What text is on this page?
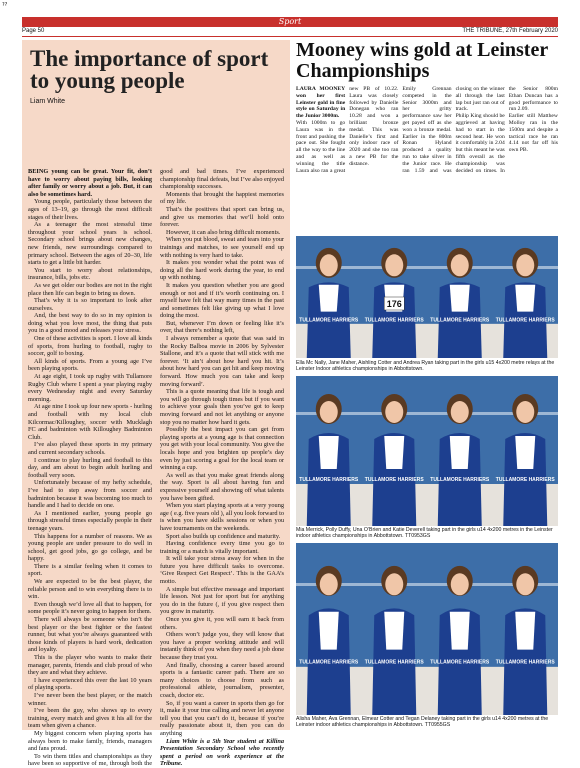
??
Sport
Page 50	THE TRIBUNE, 27th February 2020
The importance of sport to young people
Liam White

BEING young can be great. Your fit, don’t have to worry about paying bills, looking after family or worry about a job. But, it can also be sometimes hard.

Young people, particularly those between the ages of 13–19, go through the most difficult stages of their lives.

As a teenager the most stressful time throughout your school years is school. Secondary school brings about new changes, new friends, new surroundings compared to primary school. Between the ages of 20–30, life starts to get a little bit harder.

You start to worry about relationships, insurance, bills, jobs etc.

As we get older our bodies are not in the right place then life can begin to bring us down.

That’s why it is so important to look after ourselves.

And, the best way to do so in my opinion is doing what you love most, the thing that puts you in a good mood and releases your stress.

One of these activities is sport. I love all kinds of sports, from hurling to football, rugby to soccer, golf to boxing.

All kinds of sports. From a young age I’ve been playing sports.

At age eight, I took up rugby with Tullamore Rugby Club where I spent a year playing rugby every Wednesday night and every Saturday morning.

At age nine I took up four new sports - hurling and football with my local club Kilcormac/Killoughey, soccer with Mucklagh FC and badminton with Killoughey Badminton Club.

I’ve also played these sports in my primary and current secondary schools.

I continue to play hurling and football to this day, and am about to begin adult hurling and football very soon.

Unfortunately because of my hefty schedule, I’ve had to step away from soccer and badminton because it was becoming too much to handle and I had to decide on one.

As I mentioned earlier, young people go through stressful times especially people in their teenage years.

This happens for a number of reasons. We as young people are under pressure to do well in school, get good jobs, go go college, and be happy.

There is a similar feeling when it comes to sport.

We are expected to be the best player, the reliable person and to win everything there is to win.

Even though we’d love all that to happen, for some people it’s never going to happen for them.

There will always be someone who isn’t the best player or the best fighter or the fastest runner, but what you’re always guaranteed with those kinds of players is hard work, dedication and loyalty.

This is the player who wants to make their manager, parents, friends and club proud of who they are and what they achieve.

I have experienced this over the last 10 years of playing sports.

I’ve never been the best player, or the match winner.

I’ve been the guy, who shows up to every training, every match and gives it his all for the team when given a chance.

My biggest concern when playing sports has always been to make family, friends, managers and fans proud.

To win them titles and championships as they have been so supportive of me, through both the good and bad times. I’ve experienced championship final defeats, but I’ve also enjoyed championship successes.

Moments that brought the happiest memories of my life.

That’s the positives that sport can bring us, and give us memories that we’ll hold onto forever.

However, it can also bring difficult moments.

When you put blood, sweat and tears into your trainings and matches, to see yourself end up with nothing is very hard to take.

It makes you wonder what the point was of doing all the hard work during the year, to end up with nothing.

It makes you question whether you are good enough or not and if it’s worth continuing on. I myself have felt that way many times in the past and sometimes felt like giving up what I love doing the most.

But, whenever I’m down or feeling like it’s over, that there’s nothing left,

I always remember a quote that was said in the Rocky Balboa movie in 2006 by Sylvester Stallone, and it’s a quote that will stick with me forever. ‘It ain’t about how hard you hit. It’s about how hard you can get hit and keep moving forward. How much you can take and keep moving forward’.

This is a quote meaning that life is tough and you will go through tough times but if you want to achieve your goals then you’ve got to keep moving forward and not let anything or anyone stop you no matter how hard it gets.

Possibly the best impact you can get from playing sports at a young age is that connection you get with your local community. You give the locals hope and you brighten up people’s day even by just scoring a goal for the local team or winning a cup.

As well as that you make great friends along the way. Sport is all about having fun and expressive yourself and showing off what talents you have been gifted.

When you start playing sports at a very young age ( e.g. five years old ), all you look forward to is when you have skills sessions or when you have tournaments on the weekends.

Sport also builds up confidence and maturity.

Having confidence every time you go to training or a match is vitally important.

It will take your stress away for when in the future you have difficult tasks to overcome. ‘Give Respect Get Respect’. This is the GAA’s motto.

A simple but effective message and important life lesson. Not just for sport but for anything you do in the future (, if you give respect then you grow in maturity.

Once you give it, you will earn it back from others.

Others won’t judge you, they will know that you have a proper working attitude and will instantly think of you when they need a job done because they trust you.

And finally, choosing a career based around sports is a fantastic career path. There are so many choices to choose from such as professional athlete, journalism, presenter, coach, doctor etc.

So, if you want a career in sports then go for it, make it your true calling and never let anyone tell you that you can’t do it, because if you’re really passionate about it, then you can do anything

Liam White is a 5th Year student at Killina Presentation Secondary School who recently spent a period on work experience at the Tribune.

Mooney wins gold at Leinster Championships

LAURA MOONEY won her first Leinster gold in fine style on Saturday in the Junior 3000m.

With 1000m to go Laura was in the front and pushing the pace out. She fought all the way to the line and as well as winning the title Laura also ran a great new PB of 10.22. Laura was closely followed by Danielle Donegan who ran 10.28 and won a brilliant bronze medal. This was Danielle’s first and only indoor race of 2020 and she too ran a new PB for the distance.

Emily Grennan competed in the Senior 3000m and her gritty performance saw her get payed off as she won a bronze medal. Earlier in the 800m Ronan Hyland produced a quality run to take silver in the Junior race. He ran 1.59 and was closing on the winner all through the last lap but just ran out of track.

Philip King should be aggrieved at having had to start in the second heat. He won it comfortably in 2.04 but this meant he was fifth overall as the championship was decided on times. In the Senior 800m Ethan Duncan has a good performance to run 2.09.

Earlier still Matthew Molloy ran in the 1500m and despite a tactical race he ran 4.14 not far off his own PB.

TULLAMORE HARRIERS TULLAMORE HARRIERS TULLAMORE HARRIERS TULLAMORE HARRIERS
176
Ella Mc Nally, Jane Maher, Aishling Cotter and Andrea Ryan taking part in the girls u15 4x200 metre relays at the Leinster Indoor athletics championships in Abbottstown.
TULLAMORE HARRIERS TULLAMORE HARRIERS TULLAMORE HARRIERS TULLAMORE HARRIERS
Mia Merrick, Polly Duffy, Una O’Brien and Katie Deverell taking part in the girls u14 4x200 metres in the Leinster indoor athletics championships in Abbottstown. TT0953GS
TULLAMORE HARRIERS TULLAMORE HARRIERS TULLAMORE HARRIERS TULLAMORE HARRIERS
Alisha Maher, Ava Grennan, Elmear Cotter and Tegan Delaney taking part in the girls u14 4x200 metres at the Leinster indoor athletics championships in Abbottstown. TT0955GS
